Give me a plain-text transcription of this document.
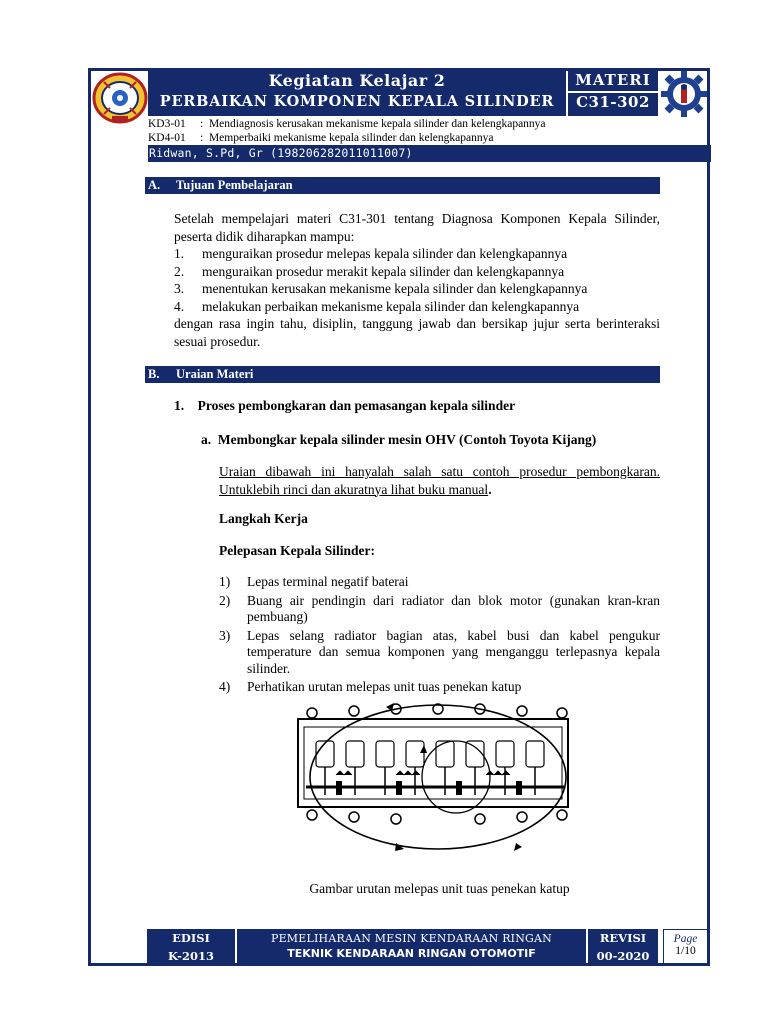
Kegiatan Kelajar 2
PERBAIKAN KOMPONEN KEPALA SILINDER
MATERI
C31-302
KD3-01 : Mendiagnosis kerusakan mekanisme kepala silinder dan kelengkapannya
KD4-01 : Memperbaiki mekanisme kepala silinder dan kelengkapannya
Ridwan, S.Pd, Gr (198206282011011007)
A. Tujuan Pembelajaran
Setelah mempelajari materi C31-301 tentang Diagnosa Komponen Kepala Silinder, peserta didik diharapkan mampu:
1. menguraikan prosedur melepas kepala silinder dan kelengkapannya
2. menguraikan prosedur merakit kepala silinder dan kelengkapannya
3. menentukan kerusakan mekanisme kepala silinder dan kelengkapannya
4. melakukan perbaikan mekanisme kepala silinder dan kelengkapannya
dengan rasa ingin tahu, disiplin, tanggung jawab dan bersikap jujur serta berinteraksi sesuai prosedur.
B. Uraian Materi
1. Proses pembongkaran dan pemasangan kepala silinder
a. Membongkar kepala silinder mesin OHV (Contoh Toyota Kijang)
Uraian dibawah ini hanyalah salah satu contoh prosedur pembongkaran. Untuklebih rinci dan akuratnya lihat buku manual.
Langkah Kerja
Pelepasan Kepala Silinder:
1)	Lepas terminal negatif baterai
2)	Buang air pendingin dari radiator dan blok motor (gunakan kran-kran pembuang)
3)	Lepas selang radiator bagian atas, kabel busi dan kabel pengukur temperature dan semua komponen yang menganggu terlepasnya kepala silinder.
4)	Perhatikan urutan melepas unit tuas penekan katup
Gambar urutan melepas unit tuas penekan katup
EDISI
K-2013
PEMELIHARAAN MESIN KENDARAAN RINGAN
TEKNIK KENDARAAN RINGAN OTOMOTIF
REVISI
00-2020
Page
1/10
